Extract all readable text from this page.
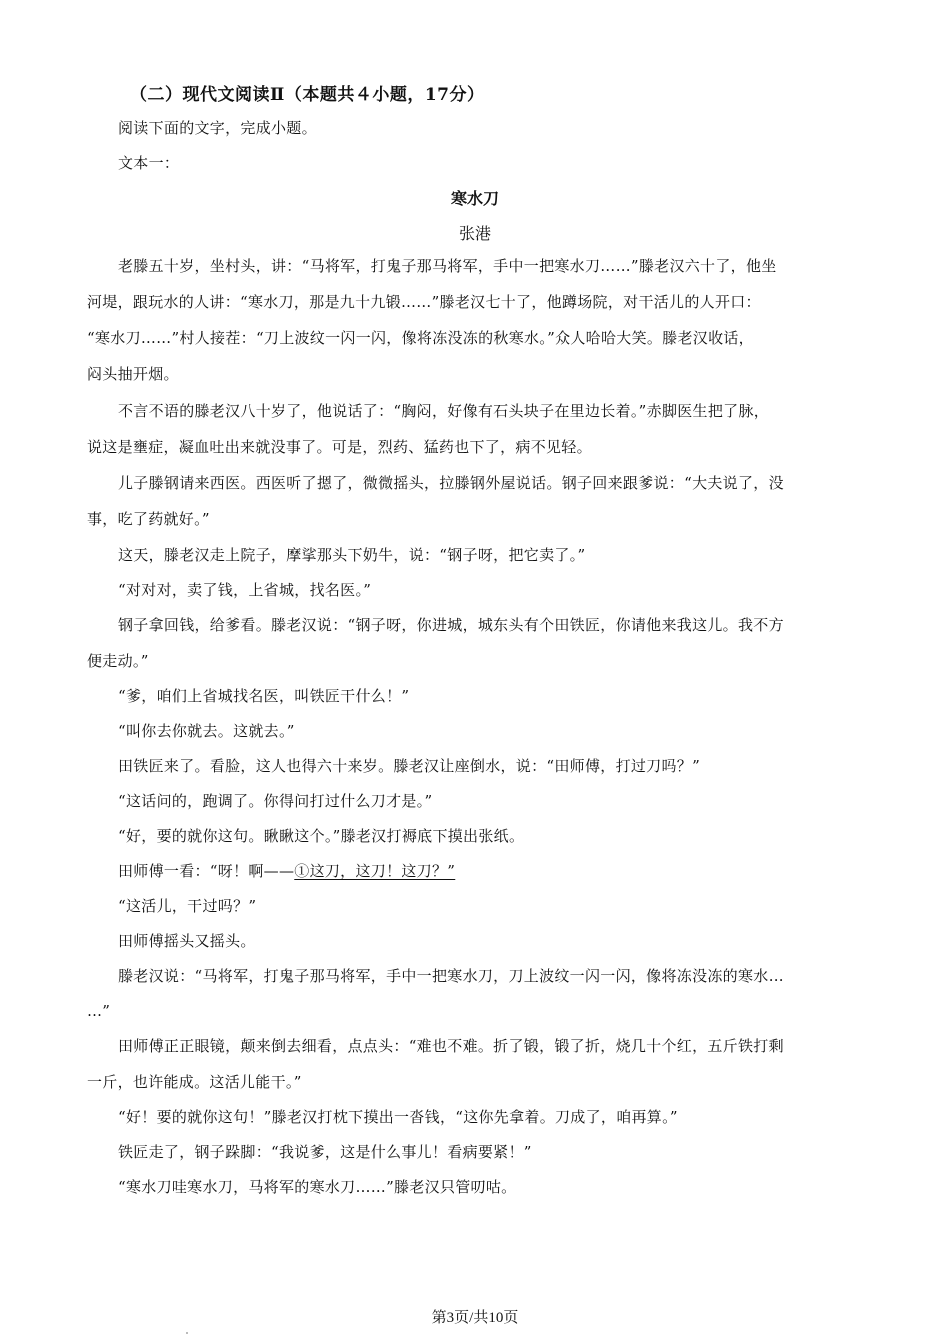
（二）现代文阅读Ⅱ（本题共４小题，17分）
阅读下面的文字，完成小题。
文本一：
寒水刀
张港
老滕五十岁，坐村头，讲：“马将军，打鬼子那马将军，手中一把寒水刀……”滕老汉六十了，他坐
河堤，跟玩水的人讲：“寒水刀，那是九十九锻……”滕老汉七十了，他蹲场院，对干活儿的人开口：
“寒水刀……”村人接茬：“刀上波纹一闪一闪，像将冻没冻的秋寒水。”众人哈哈大笑。滕老汉收话，
闷头抽开烟。
不言不语的滕老汉八十岁了，他说话了：“胸闷，好像有石头块子在里边长着。”赤脚医生把了脉，
说这是壅症，凝血吐出来就没事了。可是，烈药、猛药也下了，病不见轻。
儿子滕钢请来西医。西医听了摁了，微微摇头，拉滕钢外屋说话。钢子回来跟爹说：“大夫说了，没
事，吃了药就好。”
这天，滕老汉走上院子，摩挲那头下奶牛，说：“钢子呀，把它卖了。”
“对对对，卖了钱，上省城，找名医。”
钢子拿回钱，给爹看。滕老汉说：“钢子呀，你进城，城东头有个田铁匠，你请他来我这儿。我不方
便走动。”
“爹，咱们上省城找名医，叫铁匠干什么！”
“叫你去你就去。这就去。”
田铁匠来了。看脸，这人也得六十来岁。滕老汉让座倒水，说：“田师傅，打过刀吗？”
“这话问的，跑调了。你得问打过什么刀才是。”
“好，要的就你这句。瞅瞅这个。”滕老汉打褥底下摸出张纸。
田师傅一看：“呀！啊——①这刀，这刀！这刀？”
“这活儿，干过吗？”
田师傅摇头又摇头。
滕老汉说：“马将军，打鬼子那马将军，手中一把寒水刀，刀上波纹一闪一闪，像将冻没冻的寒水…
…”
田师傅正正眼镜，颠来倒去细看，点点头：“难也不难。折了锻，锻了折，烧几十个红，五斤铁打剩
一斤，也许能成。这活儿能干。”
“好！要的就你这句！”滕老汉打枕下摸出一沓钱，“这你先拿着。刀成了，咱再算。”
铁匠走了，钢子跺脚：“我说爹，这是什么事儿！看病要紧！”
“寒水刀哇寒水刀，马将军的寒水刀……”滕老汉只管叨咕。
第3页/共10页
